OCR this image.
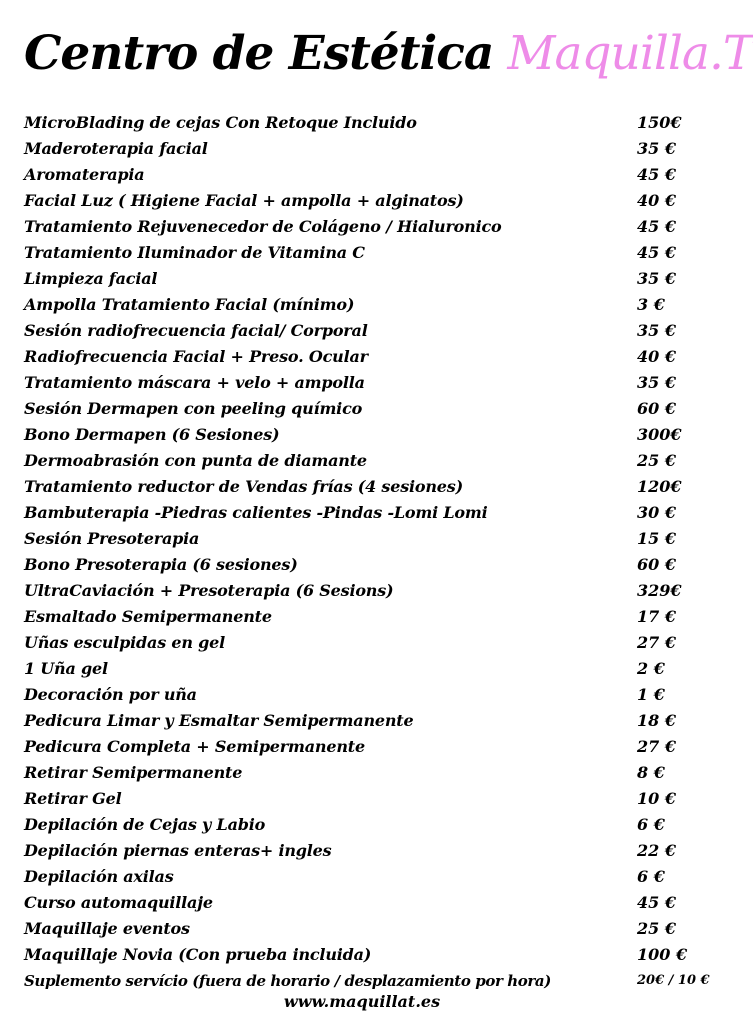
Centro de Estética Maquilla.T
MicroBlading de cejas Con Retoque Incluido	150€
Maderoterapia facial	35 €
Aromaterapia	45 €
Facial Luz ( Higiene Facial + ampolla + alginatos)	40 €
Tratamiento Rejuvenecedor de Colágeno / Hialuronico	45 €
Tratamiento Iluminador de Vitamina C	45 €
Limpieza facial	35 €
Ampolla Tratamiento Facial (mínimo)	3 €
Sesión radiofrecuencia facial/ Corporal	35 €
Radiofrecuencia Facial + Preso. Ocular	40 €
Tratamiento máscara + velo + ampolla	35 €
Sesión Dermapen con peeling químico	60 €
Bono Dermapen (6 Sesiones)	300€
Dermoabrasión con punta de diamante	25 €
Tratamiento reductor de Vendas frías (4 sesiones)	120€
Bambuterapia -Piedras calientes -Pindas -Lomi Lomi	30 €
Sesión Presoterapia	15 €
Bono Presoterapia (6 sesiones)	60 €
UltraCaviación + Presoterapia (6 Sesions)	329€
Esmaltado Semipermanente	17 €
Uñas esculpidas en gel	27 €
1 Uña gel	2 €
Decoración por uña	1 €
Pedicura Limar y Esmaltar Semipermanente	18 €
Pedicura Completa + Semipermanente	27 €
Retirar Semipermanente	8 €
Retirar Gel	10 €
Depilación de Cejas y Labio	6 €
Depilación piernas enteras+ ingles	22 €
Depilación axilas	6 €
Curso automaquillaje	45 €
Maquillaje eventos	25 €
Maquillaje Novia (Con prueba incluida)	100 €
Suplemento servício (fuera de horario / desplazamiento por hora)	20€ / 10 €
www.maquillat.es
